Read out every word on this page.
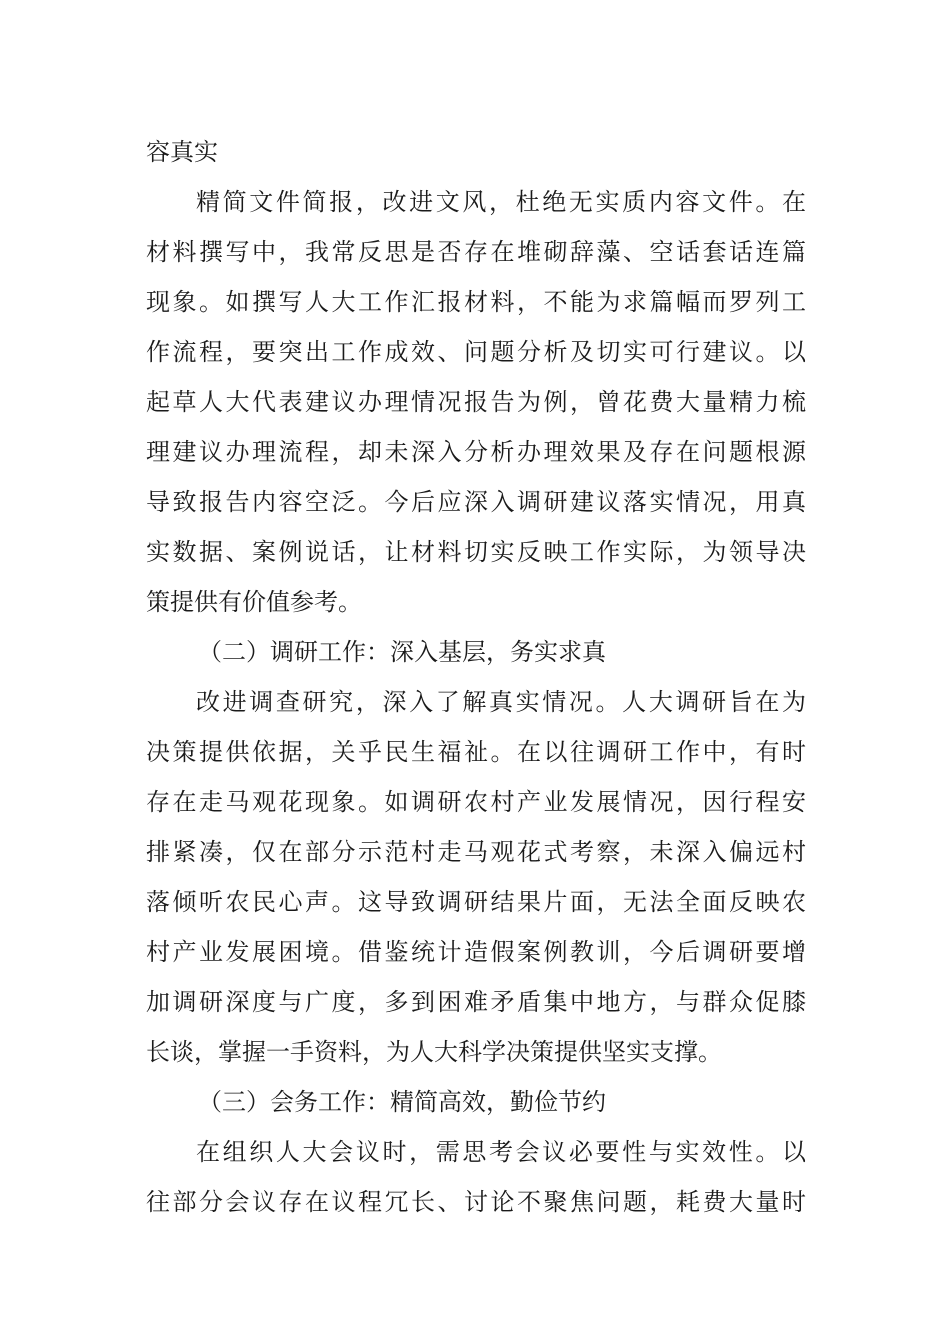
容真实
精简文件简报，改进文风，杜绝无实质内容文件。在
材料撰写中，我常反思是否存在堆砌辞藻、空话套话连篇
现象。如撰写人大工作汇报材料，不能为求篇幅而罗列工
作流程，要突出工作成效、问题分析及切实可行建议。以
起草人大代表建议办理情况报告为例，曾花费大量精力梳
理建议办理流程，却未深入分析办理效果及存在问题根源
导致报告内容空泛。今后应深入调研建议落实情况，用真
实数据、案例说话，让材料切实反映工作实际，为领导决
策提供有价值参考。
（二）调研工作：深入基层，务实求真
改进调查研究，深入了解真实情况。人大调研旨在为
决策提供依据，关乎民生福祉。在以往调研工作中，有时
存在走马观花现象。如调研农村产业发展情况，因行程安
排紧凑，仅在部分示范村走马观花式考察，未深入偏远村
落倾听农民心声。这导致调研结果片面，无法全面反映农
村产业发展困境。借鉴统计造假案例教训，今后调研要增
加调研深度与广度，多到困难矛盾集中地方，与群众促膝
长谈，掌握一手资料，为人大科学决策提供坚实支撑。
（三）会务工作：精简高效，勤俭节约
在组织人大会议时，需思考会议必要性与实效性。以
往部分会议存在议程冗长、讨论不聚焦问题，耗费大量时
